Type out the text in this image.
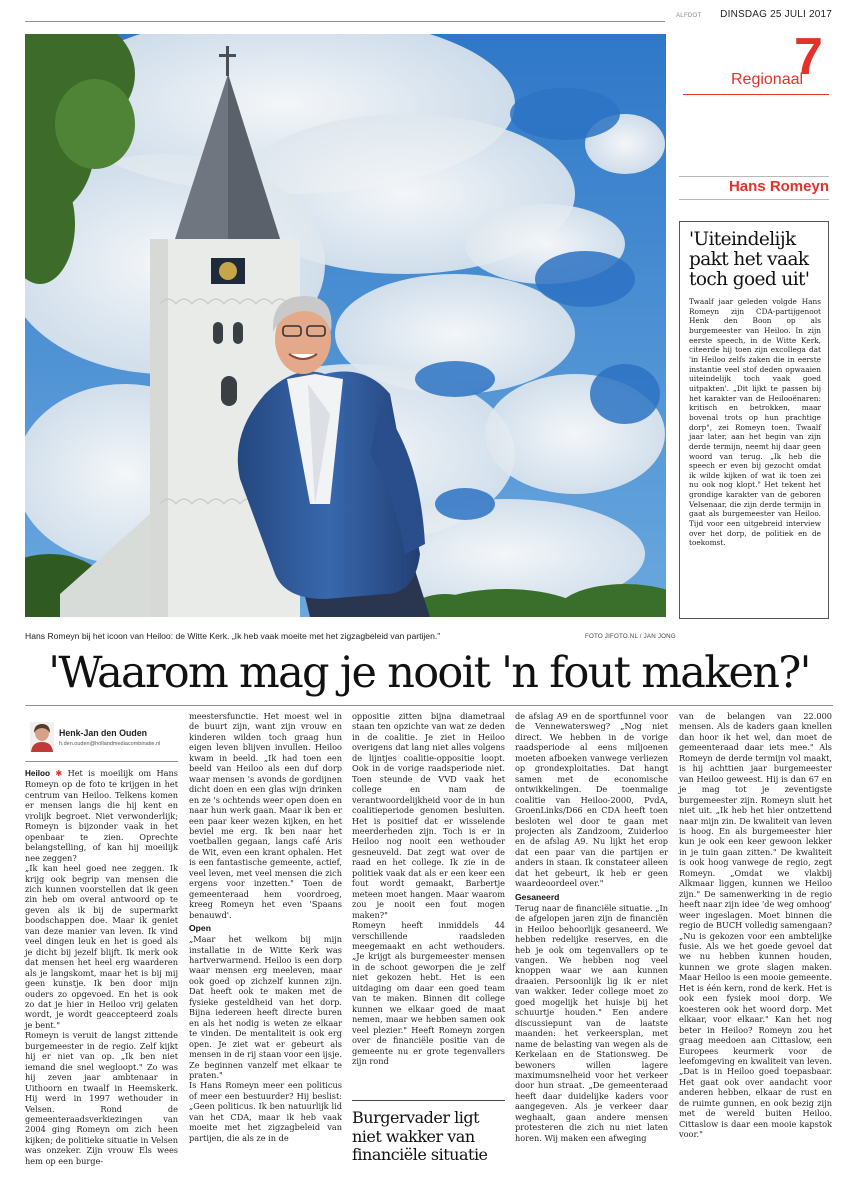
ALFDOT DINSDAG 25 JULI 2017
Regionaal
7
Hans Romeyn bij het icoon van Heiloo: de Witte Kerk. „Ik heb vaak moeite met het zigzagbeleid van partijen."	FOTO JIFOTO.NL / JAN JONG
Hans Romeyn
'Uiteindelijk pakt het vaak toch goed uit'

Twaalf jaar geleden volgde Hans Romeyn zijn CDA-partijgenoot Henk den Boon op als burgemeester van Heiloo. In zijn eerste speech, in de Witte Kerk, citeerde hij toen zijn excollega dat 'in Heiloo zelfs zaken die in eerste instantie veel stof deden opwaaien uiteindelijk toch vaak goed uitpakten'. „Dit lijkt te passen bij het karakter van de Heilooënaren: kritisch en betrokken, maar bovenal trots op hun prachtige dorp", zei Romeyn toen. Twaalf jaar later, aan het begin van zijn derde termijn, neemt hij daar geen woord van terug. „Ik heb die speech er even bij gezocht omdat ik wilde kijken of wat ik toen zei nu ook nog klopt." Het tekent het grondige karakter van de geboren Velsenaar, die zijn derde termijn in gaat als burgemeester van Heiloo. Tijd voor een uitgebreid interview over het dorp, de politiek en de toekomst.

'Waarom mag je nooit 'n fout maken?'
Henk-Jan den Ouden
h.den.ouden@hollandmediacombinatie.nl

Heiloo ✱ Het is moeilijk om Hans Romeyn op de foto te krijgen in het centrum van Heiloo. Telkens komen er mensen langs die hij kent en vrolijk begroet. Niet verwonderlijk; Romeyn is bijzonder vaak in het openbaar te zien. Oprechte belangstelling, of kan hij moeilijk nee zeggen?

„Ik kan heel goed nee zeggen. Ik krijg ook begrip van mensen die zich kunnen voorstellen dat ik geen zin heb om overal antwoord op te geven als ik bij de supermarkt boodschappen doe. Maar ik geniet van deze manier van leven. Ik vind veel dingen leuk en het is goed als je dicht bij jezelf blijft. Ik merk ook dat mensen het heel erg waarderen als je langskomt, maar het is bij mij geen kunstje. Ik ben door mijn ouders zo opgevoed. En het is ook zo dat je hier in Heiloo vrij gelaten wordt, je wordt geaccepteerd zoals je bent."

Romeyn is veruit de langst zittende burgemeester in de regio. Zelf kijkt hij er niet van op. „Ik ben niet iemand die snel wegloopt." Zo was hij zeven jaar ambtenaar in Uithoorn en twaalf in Heemskerk. Hij werd in 1997 wethouder in Velsen. Rond de gemeenteraadsverkiezingen van 2004 ging Romeyn om zich heen kijken; de politieke situatie in Velsen was onzeker. Zijn vrouw Els wees hem op een burge-

meestersfunctie. Het moest wel in de buurt zijn, want zijn vrouw en kinderen wilden toch graag hun eigen leven blijven invullen. Heiloo kwam in beeld. „Ik had toen een beeld van Heiloo als een duf dorp waar mensen 's avonds de gordijnen dicht doen en een glas wijn drinken en ze 's ochtends weer open doen en naar hun werk gaan. Maar ik ben er een paar keer wezen kijken, en het beviel me erg. Ik ben naar het voetballen gegaan, langs café Aris de Wit, even een krant ophalen. Het is een fantastische gemeente, actief, veel leven, met veel mensen die zich ergens voor inzetten." Toen de gemeenteraad hem voordroeg, kreeg Romeyn het even 'Spaans benauwd'.

Open

„Maar het welkom bij mijn installatie in de Witte Kerk was hartverwarmend. Heiloo is een dorp waar mensen erg meeleven, maar ook goed op zichzelf kunnen zijn. Dat heeft ook te maken met de fysieke gesteldheid van het dorp. Bijna iedereen heeft directe buren en als het nodig is weten ze elkaar te vinden. De mentaliteit is ook erg open. Je ziet wat er gebeurt als mensen in de rij staan voor een ijsje. Ze beginnen vanzelf met elkaar te praten."

Is Hans Romeyn meer een politicus of meer een bestuurder? Hij beslist: „Geen politicus. Ik ben natuurlijk lid van het CDA, maar ik heb vaak moeite met het zigzagbeleid van partijen, die als ze in de

oppositie zitten bijna diametraal staan ten opzichte van wat ze deden in de coalitie. Je ziet in Heiloo overigens dat lang niet alles volgens de lijntjes coalitie-oppositie loopt. Ook in de vorige raadsperiode niet. Toen steunde de VVD vaak het college en nam de verantwoordelijkheid voor de in hun coalitieperiode genomen besluiten. Het is positief dat er wisselende meerderheden zijn. Toch is er in Heiloo nog nooit een wethouder gesneuveld. Dat zegt wat over de raad en het college. Ik zie in de politiek vaak dat als er een keer een fout wordt gemaakt, Barbertje meteen moet hangen. Maar waarom zou je nooit een fout mogen maken?"

Romeyn heeft inmiddels 44 verschillende raadsleden meegemaakt en acht wethouders. „Je krijgt als burgemeester mensen in de schoot geworpen die je zelf niet gekozen hebt. Het is een uitdaging om daar een goed team van te maken. Binnen dit college kunnen we elkaar goed de maat nemen, maar we hebben samen ook veel plezier." Heeft Romeyn zorgen over de financiële positie van de gemeente nu er grote tegenvallers zijn rond

Burgervader ligt niet wakker van financiële situatie

de afslag A9 en de sportfunnel voor de Vennewatersweg? „Nog niet direct. We hebben in de vorige raadsperiode al eens miljoenen moeten afboeken vanwege verliezen op grondexploitaties. Dat hangt samen met de economische ontwikkelingen. De toenmalige coalitie van Heiloo-2000, PvdA, GroenLinks/D66 en CDA heeft toen besloten wel door te gaan met projecten als Zandzoom, Zuiderloo en de afslag A9. Nu lijkt het erop dat een paar van die partijen er anders in staan. Ik constateer alleen dat het gebeurt, ik heb er geen waardeoordeel over."

Gesaneerd

Terug naar de financiële situatie. „In de afgelopen jaren zijn de financiën in Heiloo behoorlijk gesaneerd. We hebben redelijke reserves, en die heb je ook om tegenvallers op te vangen. We hebben nog veel knoppen waar we aan kunnen draaien. Persoonlijk lig ik er niet van wakker. Ieder college moet zo goed mogelijk het huisje bij het schuurtje houden." Een andere discussiepunt van de laatste maanden: het verkeersplan, met name de belasting van wegen als de Kerkelaan en de Stationsweg. De bewoners willen lagere maximumsnelheid voor het verkeer door hun straat. „De gemeenteraad heeft daar duidelijke kaders voor aangegeven. Als je verkeer daar weghaalt, gaan andere mensen protesteren die zich nu niet laten horen. Wij maken een afweging

van de belangen van 22.000 mensen. Als de kaders gaan knellen dan hoor ik het wel, dan moet de gemeenteraad daar iets mee." Als Romeyn de derde termijn vol maakt, is hij achttien jaar burgemeester van Heiloo geweest. Hij is dan 67 en je mag tot je zeventigste burgemeester zijn. Romeyn sluit het niet uit. „Ik heb het hier ontzettend naar mijn zin. De kwaliteit van leven is hoog. En als burgemeester hier kun je ook een keer gewoon lekker in je tuin gaan zitten." De kwaliteit is ook hoog vanwege de regio, zegt Romeyn. „Omdat we vlakbij Alkmaar liggen, kunnen we Heiloo zijn." De samenwerking in de regio heeft naar zijn idee 'de weg omhoog' weer ingeslagen. Moet binnen die regio de BUCH volledig samengaan? „Nu is gekozen voor een ambtelijke fusie. Als we het goede gevoel dat we nu hebben kunnen houden, kunnen we grote slagen maken. Maar Heiloo is een mooie gemeente. Het is één kern, rond de kerk. Het is ook een fysiek mooi dorp. We koesteren ook het woord dorp. Met elkaar, voor elkaar." Kan het nog beter in Heiloo? Romeyn zou het graag meedoen aan Cittaslow, een Europees keurmerk voor de leefomgeving en kwaliteit van leven. „Dat is in Heiloo goed toepasbaar. Het gaat ook over aandacht voor anderen hebben, elkaar de rust en de ruimte gunnen, en ook bezig zijn met de wereld buiten Heiloo. Cittaslow is daar een mooie kapstok voor."
